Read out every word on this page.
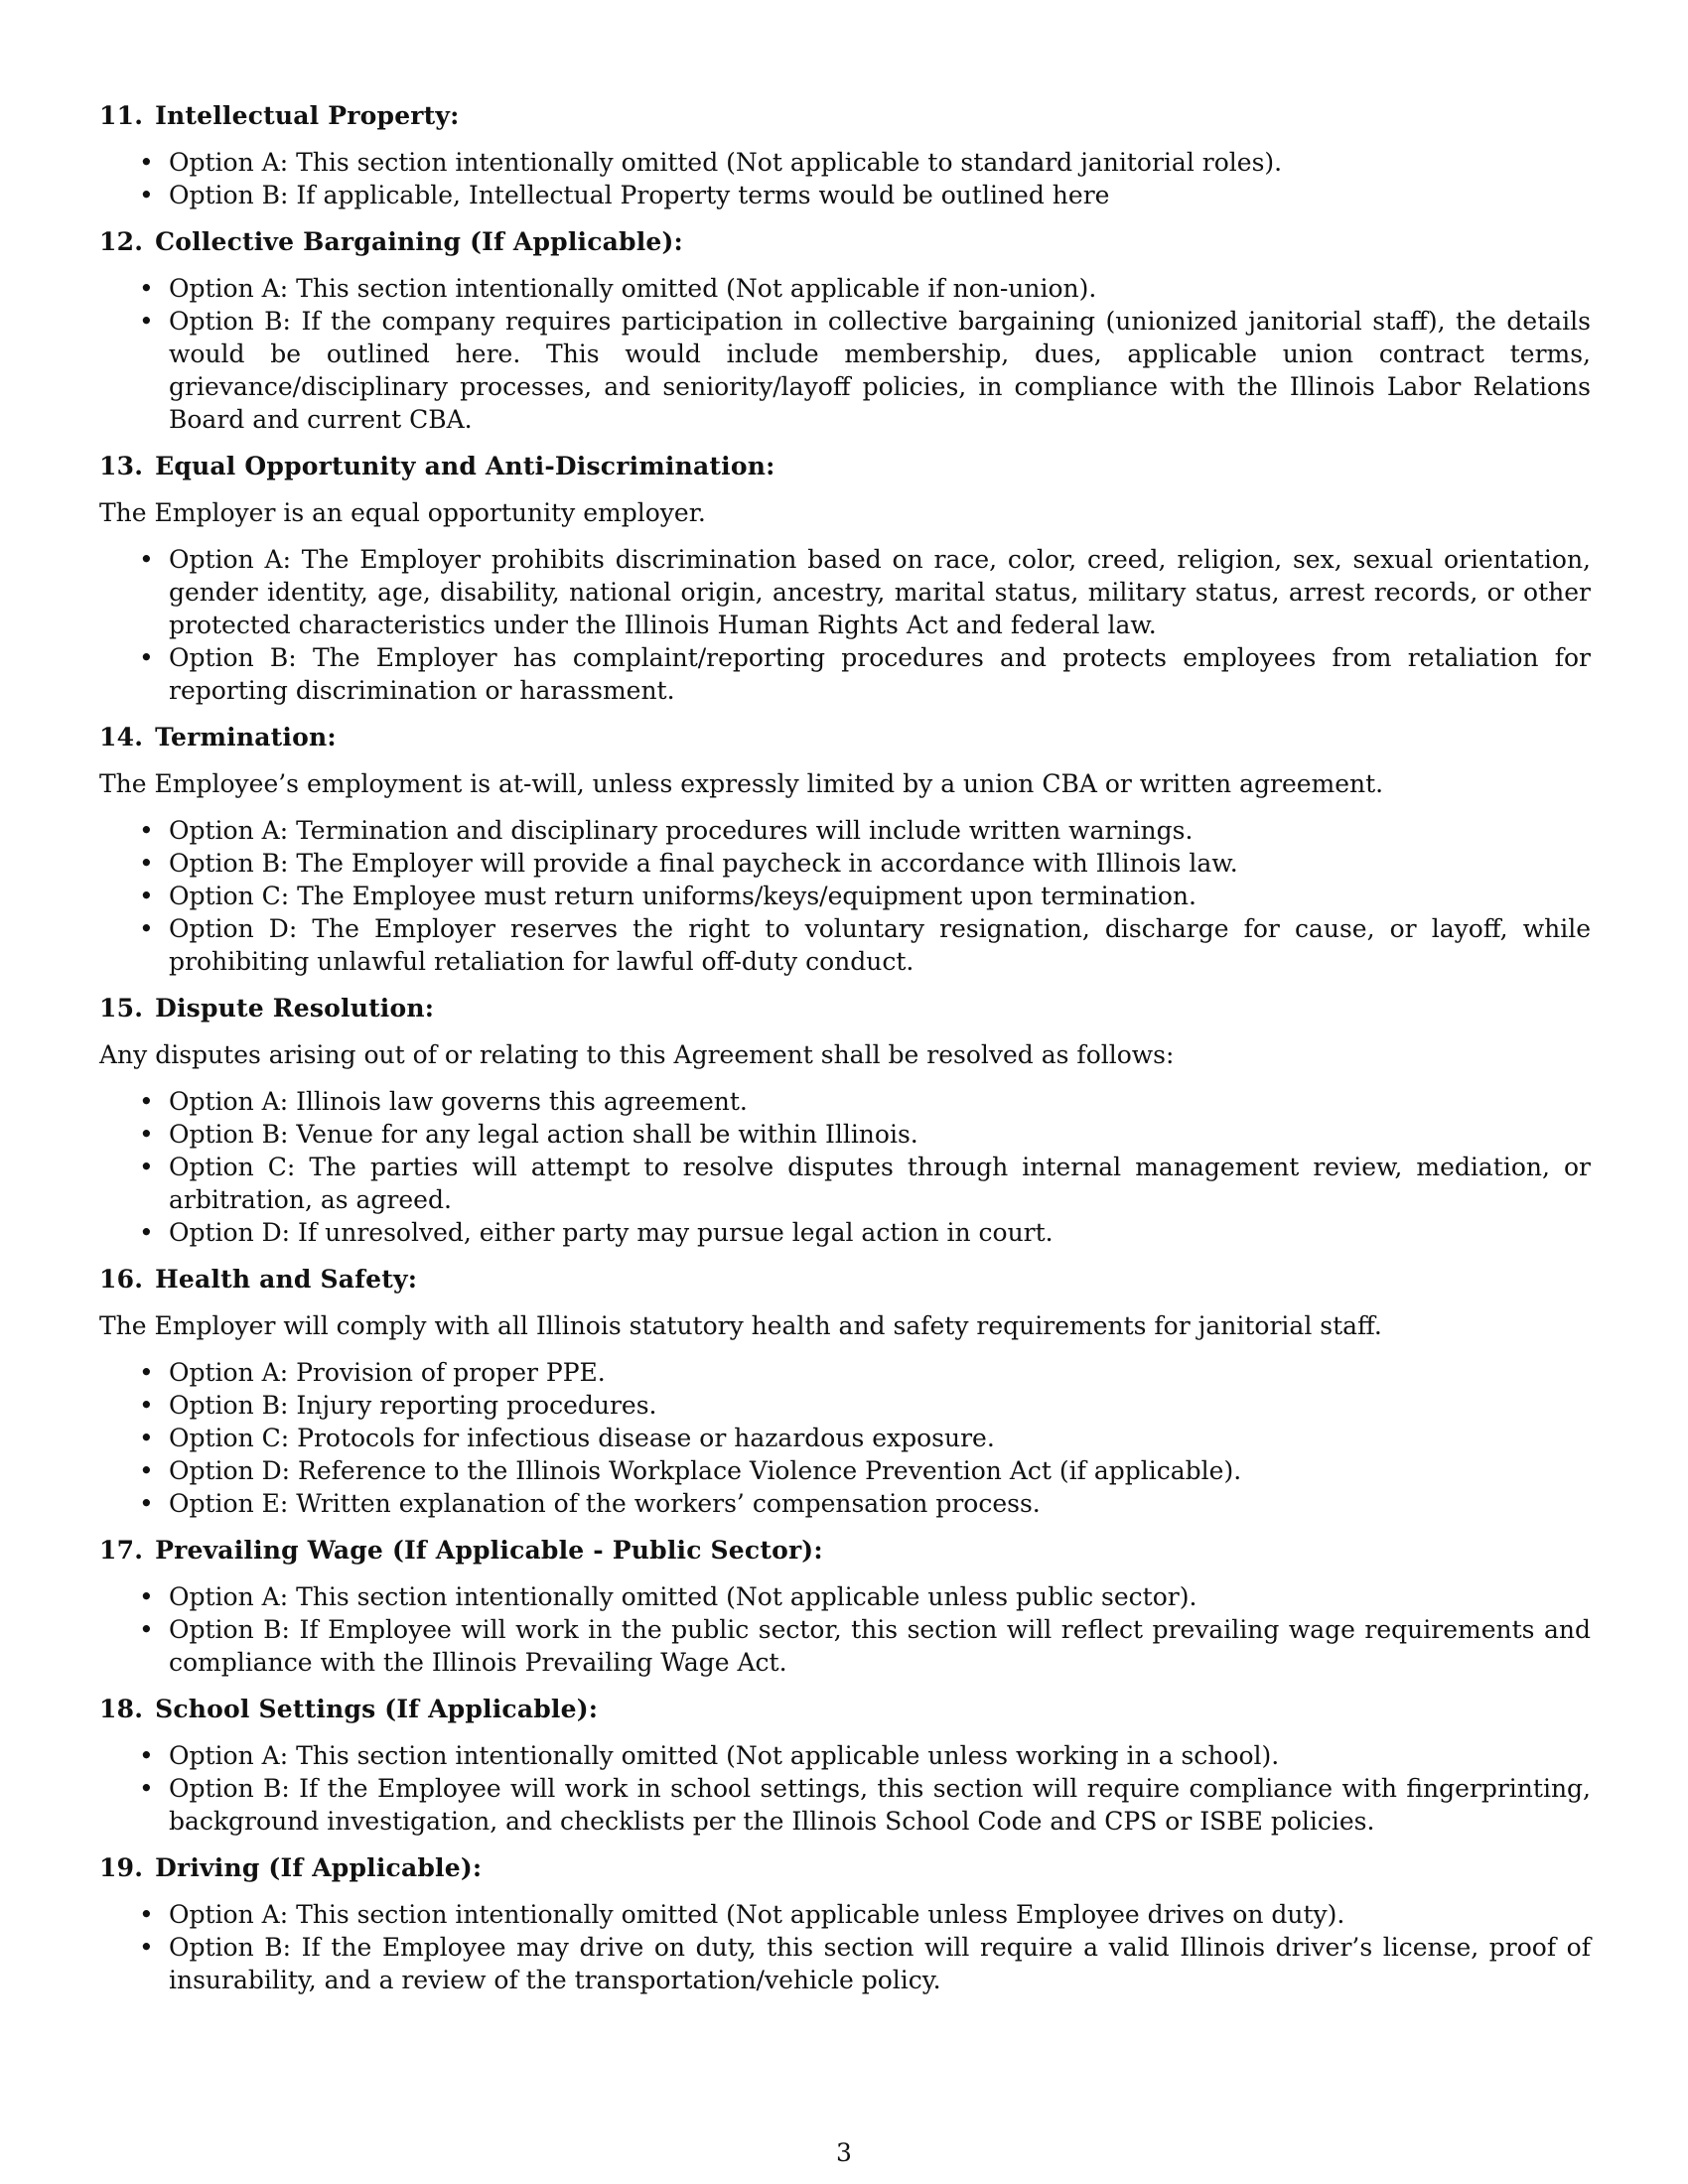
11. Intellectual Property:
• Option A: This section intentionally omitted (Not applicable to standard janitorial roles).
• Option B: If applicable, Intellectual Property terms would be outlined here
12. Collective Bargaining (If Applicable):
• Option A: This section intentionally omitted (Not applicable if non-union).
• Option B: If the company requires participation in collective bargaining (unionized janitorial staff), the details would be outlined here. This would include membership, dues, applicable union contract terms, grievance/disciplinary processes, and seniority/layoff policies, in compliance with the Illinois Labor Relations Board and current CBA.
13. Equal Opportunity and Anti-Discrimination:
The Employer is an equal opportunity employer.
• Option A: The Employer prohibits discrimination based on race, color, creed, religion, sex, sexual orientation, gender identity, age, disability, national origin, ancestry, marital status, military status, arrest records, or other protected characteristics under the Illinois Human Rights Act and federal law.
• Option B: The Employer has complaint/reporting procedures and protects employees from retaliation for reporting discrimination or harassment.
14. Termination:
The Employee’s employment is at-will, unless expressly limited by a union CBA or written agreement.
• Option A: Termination and disciplinary procedures will include written warnings.
• Option B: The Employer will provide a final paycheck in accordance with Illinois law.
• Option C: The Employee must return uniforms/keys/equipment upon termination.
• Option D: The Employer reserves the right to voluntary resignation, discharge for cause, or layoff, while prohibiting unlawful retaliation for lawful off-duty conduct.
15. Dispute Resolution:
Any disputes arising out of or relating to this Agreement shall be resolved as follows:
• Option A: Illinois law governs this agreement.
• Option B: Venue for any legal action shall be within Illinois.
• Option C: The parties will attempt to resolve disputes through internal management review, mediation, or arbitration, as agreed.
• Option D: If unresolved, either party may pursue legal action in court.
16. Health and Safety:
The Employer will comply with all Illinois statutory health and safety requirements for janitorial staff.
• Option A: Provision of proper PPE.
• Option B: Injury reporting procedures.
• Option C: Protocols for infectious disease or hazardous exposure.
• Option D: Reference to the Illinois Workplace Violence Prevention Act (if applicable).
• Option E: Written explanation of the workers’ compensation process.
17. Prevailing Wage (If Applicable - Public Sector):
• Option A: This section intentionally omitted (Not applicable unless public sector).
• Option B: If Employee will work in the public sector, this section will reflect prevailing wage requirements and compliance with the Illinois Prevailing Wage Act.
18. School Settings (If Applicable):
• Option A: This section intentionally omitted (Not applicable unless working in a school).
• Option B: If the Employee will work in school settings, this section will require compliance with fingerprinting, background investigation, and checklists per the Illinois School Code and CPS or ISBE policies.
19. Driving (If Applicable):
• Option A: This section intentionally omitted (Not applicable unless Employee drives on duty).
• Option B: If the Employee may drive on duty, this section will require a valid Illinois driver’s license, proof of insurability, and a review of the transportation/vehicle policy.
3
